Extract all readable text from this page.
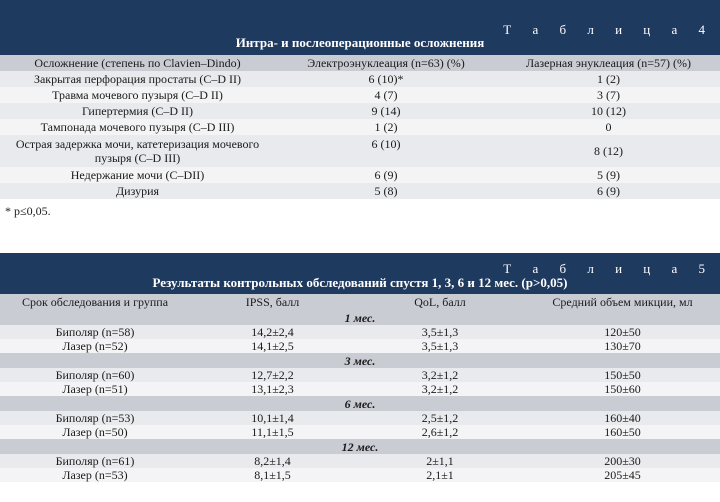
Т а б л и ц а 4
Интра- и послеоперационные осложнения
Осложнение (степень по Clavien–Dindo)	Электроэнуклеация (n=63) (%)	Лазерная энуклеация (n=57) (%)
Закрытая перфорация простаты (C–D II)	6 (10)*	1 (2)
Травма мочевого пузыря (C–D II)	4 (7)	3 (7)
Гипертермия (C–D II)	9 (14)	10 (12)
Тампонада мочевого пузыря (C–D III)	1 (2)	0
Острая задержка мочи, катетеризация мочевого пузыря (C–D III)	6 (10)	8 (12)
Недержание мочи (C–DII)	6 (9)	5 (9)
Дизурия	5 (8)	6 (9)
* p≤0,05.
Т а б л и ц а 5
Результаты контрольных обследований спустя 1, 3, 6 и 12 мес. (p>0,05)
Срок обследования и группа	IPSS, балл	QoL, балл	Средний объем микции, мл
1 мес.			
Биполяр (n=58)	14,2±2,4	3,5±1,3	120±50
Лазер (n=52)	14,1±2,5	3,5±1,3	130±70
3 мес.			
Биполяр (n=60)	12,7±2,2	3,2±1,2	150±50
Лазер (n=51)	13,1±2,3	3,2±1,2	150±60
6 мес.			
Биполяр (n=53)	10,1±1,4	2,5±1,2	160±40
Лазер (n=50)	11,1±1,5	2,6±1,2	160±50
12 мес.			
Биполяр (n=61)	8,2±1,4	2±1,1	200±30
Лазер (n=53)	8,1±1,5	2,1±1	205±45
